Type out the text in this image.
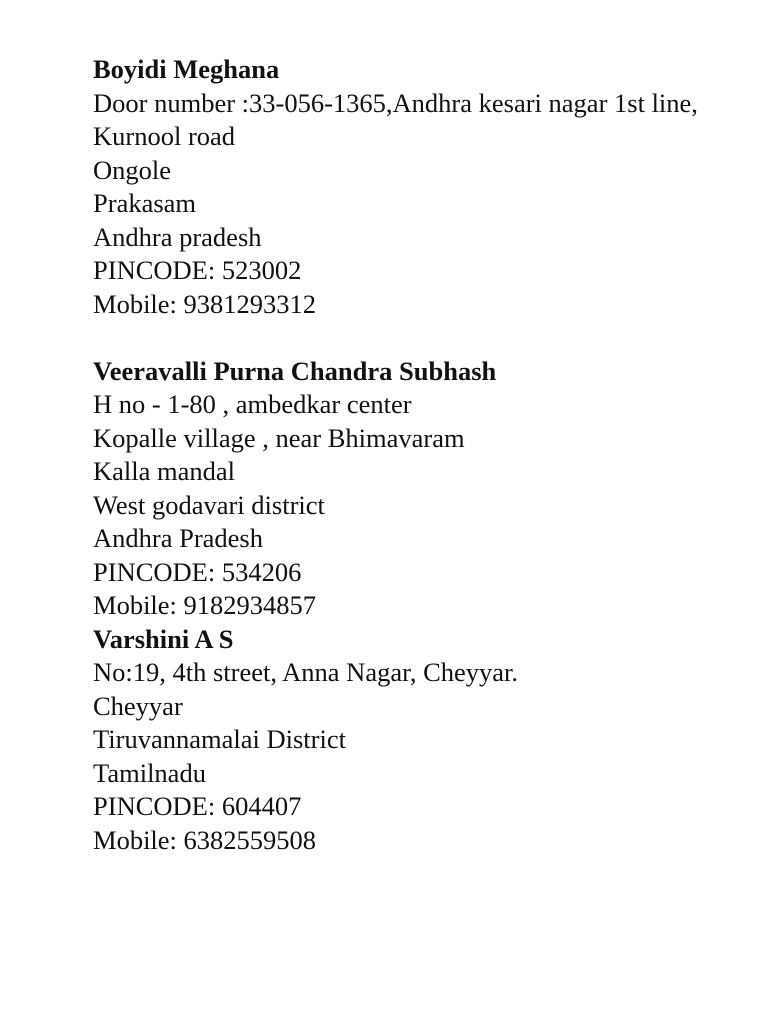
Boyidi Meghana
Door number :33-056-1365,Andhra kesari nagar 1st line,
Kurnool road
Ongole
Prakasam
Andhra pradesh
PINCODE: 523002
Mobile: 9381293312
Veeravalli Purna Chandra Subhash
H no - 1-80 , ambedkar center
Kopalle village , near Bhimavaram
Kalla mandal
West godavari district
Andhra Pradesh
PINCODE: 534206
Mobile: 9182934857
Varshini A S
No:19, 4th street, Anna Nagar, Cheyyar.
Cheyyar
Tiruvannamalai District
Tamilnadu
PINCODE: 604407
Mobile: 6382559508
